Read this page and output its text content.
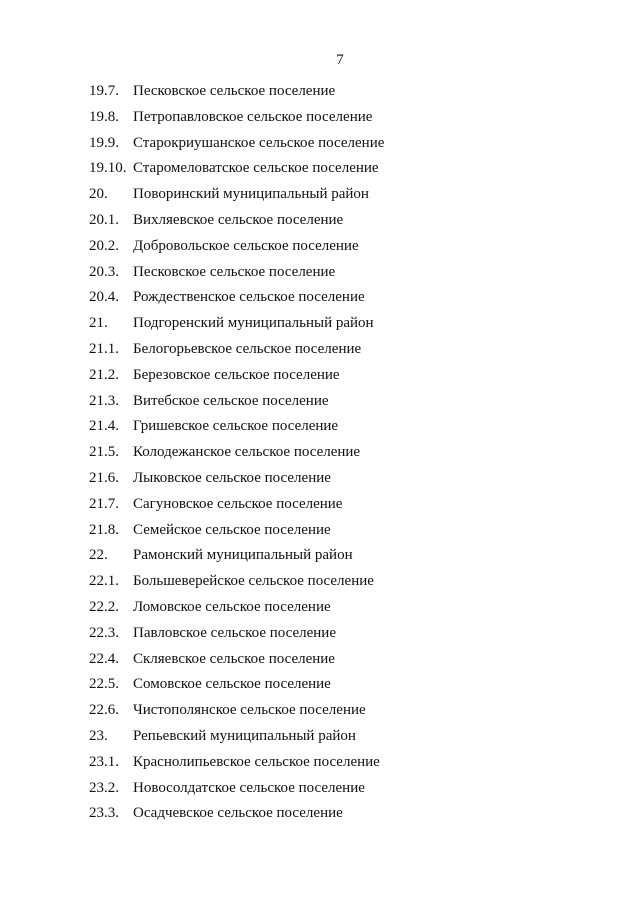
7
19.7. Песковское сельское поселение
19.8. Петропавловское сельское поселение
19.9. Старокриушанское сельское поселение
19.10. Старомеловатское сельское поселение
20. Поворинский муниципальный район
20.1. Вихляевское сельское поселение
20.2. Добровольское сельское поселение
20.3. Песковское сельское поселение
20.4. Рождественское сельское поселение
21. Подгоренский муниципальный район
21.1. Белогорьевское сельское поселение
21.2. Березовское сельское поселение
21.3. Витебское сельское поселение
21.4. Гришевское сельское поселение
21.5. Колодежанское сельское поселение
21.6. Лыковское сельское поселение
21.7. Сагуновское сельское поселение
21.8. Семейское сельское поселение
22. Рамонский муниципальный район
22.1. Большеверейское сельское поселение
22.2. Ломовское сельское поселение
22.3. Павловское сельское поселение
22.4. Скляевское сельское поселение
22.5. Сомовское сельское поселение
22.6. Чистополянское сельское поселение
23. Репьевский муниципальный район
23.1. Краснолипьевское сельское поселение
23.2. Новосолдатское сельское поселение
23.3. Осадчевское сельское поселение
